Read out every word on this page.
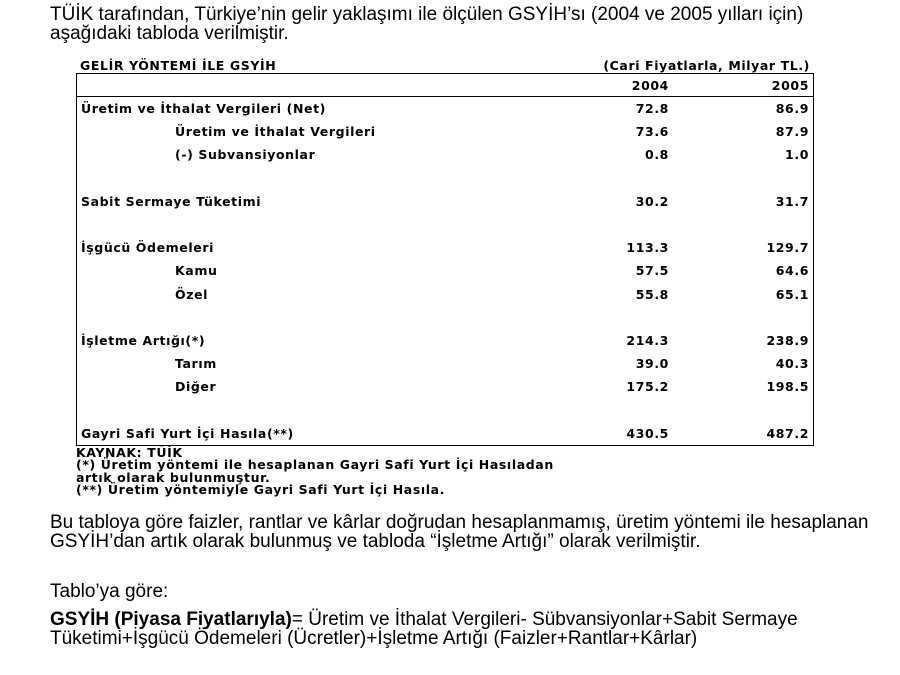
TÜİK tarafından, Türkiye’nin gelir yaklaşımı ile ölçülen GSYİH’sı (2004 ve 2005 yılları için) aşağıdaki tabloda verilmiştir.
GELİR YÖNTEMİ İLE GSYİH	(Cari Fiyatlarla, Milyar TL.)
	2004	2005
Üretim ve İthalat Vergileri (Net)	72.8	86.9
Üretim ve İthalat Vergileri	73.6	87.9
(-) Subvansiyonlar	0.8	1.0

Sabit Sermaye Tüketimi	30.2	31.7

İşgücü Ödemeleri	113.3	129.7
Kamu	57.5	64.6
Özel	55.8	65.1

İşletme Artığı(*)	214.3	238.9
Tarım	39.0	40.3
Diğer	175.2	198.5

Gayri Safi Yurt İçi Hasıla(**)	430.5	487.2
KAYNAK: TÜİK
(*) Üretim yöntemi ile hesaplanan Gayri Safi Yurt İçi Hasıladan
artık olarak bulunmuştur.
(**) Üretim yöntemiyle Gayri Safi Yurt İçi Hasıla.
Bu tabloya göre faizler, rantlar ve kârlar doğrudan hesaplanmamış, üretim yöntemi ile hesaplanan GSYİH’dan artık olarak bulunmuş ve tabloda “İşletme Artığı” olarak verilmiştir.
Tablo’ya göre:
GSYİH (Piyasa Fiyatlarıyla)= Üretim ve İthalat Vergileri- Sübvansiyonlar+Sabit Sermaye Tüketimi+İşgücü Ödemeleri (Ücretler)+İşletme Artığı (Faizler+Rantlar+Kârlar)
